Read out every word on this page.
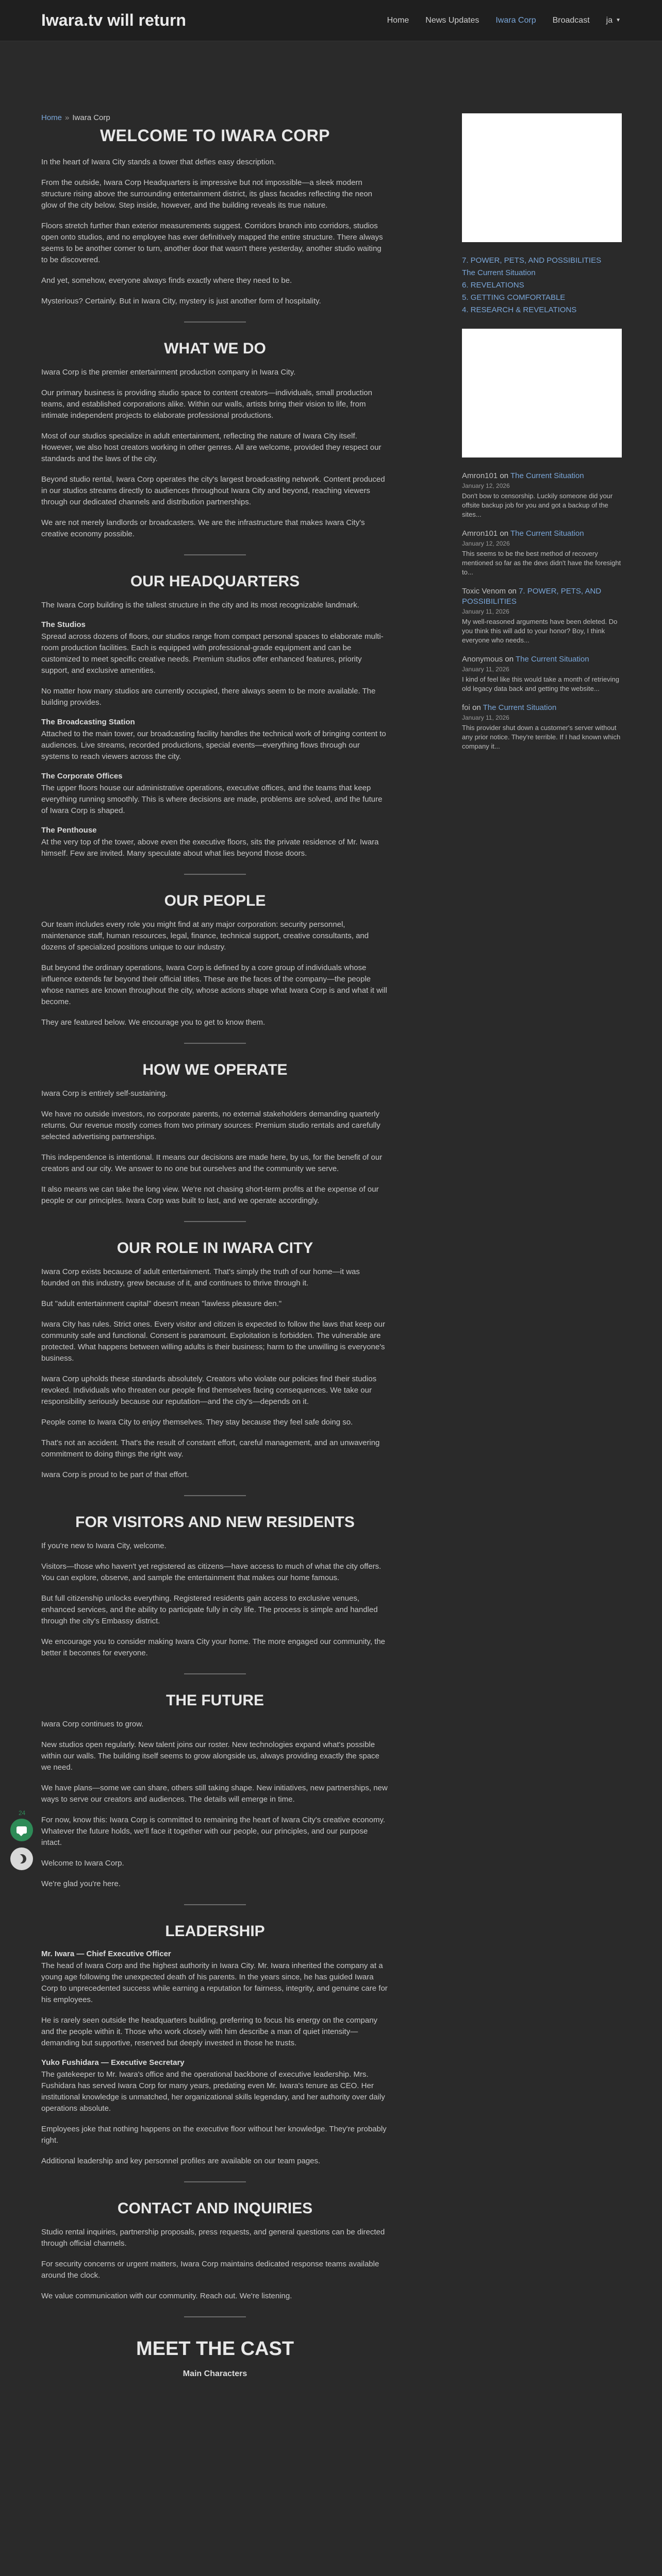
Iwara.tv will return	Home News Updates Iwara Corp Broadcast ja ▼
Home » Iwara Corp
WELCOME TO IWARA CORP

In the heart of Iwara City stands a tower that defies easy description.

From the outside, Iwara Corp Headquarters is impressive but not impossible—a sleek modern structure rising above the surrounding entertainment district, its glass facades reflecting the neon glow of the city below. Step inside, however, and the building reveals its true nature.

Floors stretch further than exterior measurements suggest. Corridors branch into corridors, studios open onto studios, and no employee has ever definitively mapped the entire structure. There always seems to be another corner to turn, another door that wasn't there yesterday, another studio waiting to be discovered.

And yet, somehow, everyone always finds exactly where they need to be.

Mysterious? Certainly. But in Iwara City, mystery is just another form of hospitality.

WHAT WE DO

Iwara Corp is the premier entertainment production company in Iwara City.

Our primary business is providing studio space to content creators—individuals, small production teams, and established corporations alike. Within our walls, artists bring their vision to life, from intimate independent projects to elaborate professional productions.

Most of our studios specialize in adult entertainment, reflecting the nature of Iwara City itself. However, we also host creators working in other genres. All are welcome, provided they respect our standards and the laws of the city.

Beyond studio rental, Iwara Corp operates the city's largest broadcasting network. Content produced in our studios streams directly to audiences throughout Iwara City and beyond, reaching viewers through our dedicated channels and distribution partnerships.

We are not merely landlords or broadcasters. We are the infrastructure that makes Iwara City's creative economy possible.

OUR HEADQUARTERS

The Iwara Corp building is the tallest structure in the city and its most recognizable landmark.

The Studios

Spread across dozens of floors, our studios range from compact personal spaces to elaborate multi-room production facilities. Each is equipped with professional-grade equipment and can be customized to meet specific creative needs. Premium studios offer enhanced features, priority support, and exclusive amenities.

No matter how many studios are currently occupied, there always seem to be more available. The building provides.

The Broadcasting Station

Attached to the main tower, our broadcasting facility handles the technical work of bringing content to audiences. Live streams, recorded productions, special events—everything flows through our systems to reach viewers across the city.

The Corporate Offices

The upper floors house our administrative operations, executive offices, and the teams that keep everything running smoothly. This is where decisions are made, problems are solved, and the future of Iwara Corp is shaped.

The Penthouse

At the very top of the tower, above even the executive floors, sits the private residence of Mr. Iwara himself. Few are invited. Many speculate about what lies beyond those doors.

OUR PEOPLE

Our team includes every role you might find at any major corporation: security personnel, maintenance staff, human resources, legal, finance, technical support, creative consultants, and dozens of specialized positions unique to our industry.

But beyond the ordinary operations, Iwara Corp is defined by a core group of individuals whose influence extends far beyond their official titles. These are the faces of the company—the people whose names are known throughout the city, whose actions shape what Iwara Corp is and what it will become.

They are featured below. We encourage you to get to know them.

HOW WE OPERATE

Iwara Corp is entirely self-sustaining.

We have no outside investors, no corporate parents, no external stakeholders demanding quarterly returns. Our revenue mostly comes from two primary sources: Premium studio rentals and carefully selected advertising partnerships.

This independence is intentional. It means our decisions are made here, by us, for the benefit of our creators and our city. We answer to no one but ourselves and the community we serve.

It also means we can take the long view. We're not chasing short-term profits at the expense of our people or our principles. Iwara Corp was built to last, and we operate accordingly.

OUR ROLE IN IWARA CITY

Iwara Corp exists because of adult entertainment. That's simply the truth of our home—it was founded on this industry, grew because of it, and continues to thrive through it.

But "adult entertainment capital" doesn't mean "lawless pleasure den."

Iwara City has rules. Strict ones. Every visitor and citizen is expected to follow the laws that keep our community safe and functional. Consent is paramount. Exploitation is forbidden. The vulnerable are protected. What happens between willing adults is their business; harm to the unwilling is everyone's business.

Iwara Corp upholds these standards absolutely. Creators who violate our policies find their studios revoked. Individuals who threaten our people find themselves facing consequences. We take our responsibility seriously because our reputation—and the city's—depends on it.

People come to Iwara City to enjoy themselves. They stay because they feel safe doing so.

That's not an accident. That's the result of constant effort, careful management, and an unwavering commitment to doing things the right way.

Iwara Corp is proud to be part of that effort.

FOR VISITORS AND NEW RESIDENTS

If you're new to Iwara City, welcome.

Visitors—those who haven't yet registered as citizens—have access to much of what the city offers. You can explore, observe, and sample the entertainment that makes our home famous.

But full citizenship unlocks everything. Registered residents gain access to exclusive venues, enhanced services, and the ability to participate fully in city life. The process is simple and handled through the city's Embassy district.

We encourage you to consider making Iwara City your home. The more engaged our community, the better it becomes for everyone.

THE FUTURE

Iwara Corp continues to grow.

New studios open regularly. New talent joins our roster. New technologies expand what's possible within our walls. The building itself seems to grow alongside us, always providing exactly the space we need.

We have plans—some we can share, others still taking shape. New initiatives, new partnerships, new ways to serve our creators and audiences. The details will emerge in time.

For now, know this: Iwara Corp is committed to remaining the heart of Iwara City's creative economy. Whatever the future holds, we'll face it together with our people, our principles, and our purpose intact.

Welcome to Iwara Corp.

We're glad you're here.

LEADERSHIP
Mr. Iwara — Chief Executive Officer

The head of Iwara Corp and the highest authority in Iwara City. Mr. Iwara inherited the company at a young age following the unexpected death of his parents. In the years since, he has guided Iwara Corp to unprecedented success while earning a reputation for fairness, integrity, and genuine care for his employees.

He is rarely seen outside the headquarters building, preferring to focus his energy on the company and the people within it. Those who work closely with him describe a man of quiet intensity—demanding but supportive, reserved but deeply invested in those he trusts.

Yuko Fushidara — Executive Secretary

The gatekeeper to Mr. Iwara's office and the operational backbone of executive leadership. Mrs. Fushidara has served Iwara Corp for many years, predating even Mr. Iwara's tenure as CEO. Her institutional knowledge is unmatched, her organizational skills legendary, and her authority over daily operations absolute.

Employees joke that nothing happens on the executive floor without her knowledge. They're probably right.

Additional leadership and key personnel profiles are available on our team pages.

CONTACT AND INQUIRIES

Studio rental inquiries, partnership proposals, press requests, and general questions can be directed through official channels.

For security concerns or urgent matters, Iwara Corp maintains dedicated response teams available around the clock.

We value communication with our community. Reach out. We're listening.

MEET THE CAST
Main Characters
7. POWER, PETS, AND POSSIBILITIES
The Current Situation
6. REVELATIONS
5. GETTING COMFORTABLE
4. RESEARCH & REVELATIONS
Amron101 on The Current Situation
January 12, 2026
Don't bow to censorship. Luckily someone did your offsite backup job for you and got a backup of the sites...
Amron101 on The Current Situation
January 12, 2026
This seems to be the best method of recovery mentioned so far as the devs didn't have the foresight to...
Toxic Venom on 7. POWER, PETS, AND POSSIBILITIES
January 11, 2026
My well-reasoned arguments have been deleted. Do you think this will add to your honor? Boy, I think everyone who needs...
Anonymous on The Current Situation
January 11, 2026
I kind of feel like this would take a month of retrieving old legacy data back and getting the website...
foi on The Current Situation
January 11, 2026
This provider shut down a customer's server without any prior notice. They're terrible. If I had known which company it...
24
